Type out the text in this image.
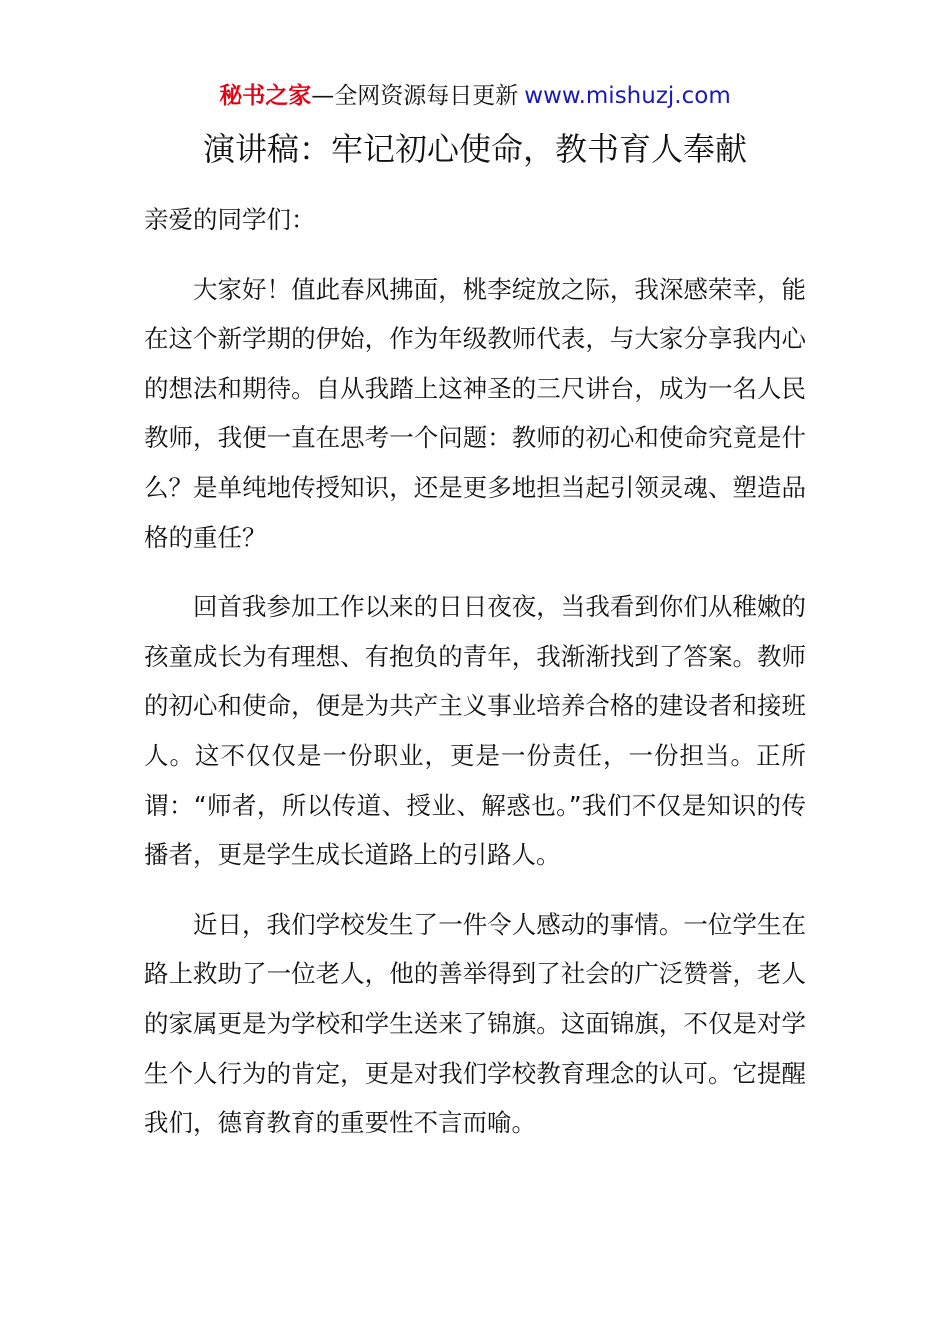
秘书之家—全网资源每日更新 www.mishuzj.com
演讲稿：牢记初心使命，教书育人奉献

亲爱的同学们：

大家好！值此春风拂面，桃李绽放之际，我深感荣幸，能在这个新学期的伊始，作为年级教师代表，与大家分享我内心的想法和期待。自从我踏上这神圣的三尺讲台，成为一名人民教师，我便一直在思考一个问题：教师的初心和使命究竟是什么？是单纯地传授知识，还是更多地担当起引领灵魂、塑造品格的重任？

回首我参加工作以来的日日夜夜，当我看到你们从稚嫩的孩童成长为有理想、有抱负的青年，我渐渐找到了答案。教师的初心和使命，便是为共产主义事业培养合格的建设者和接班人。这不仅仅是一份职业，更是一份责任，一份担当。正所谓：“师者，所以传道、授业、解惑也。”我们不仅是知识的传播者，更是学生成长道路上的引路人。

近日，我们学校发生了一件令人感动的事情。一位学生在路上救助了一位老人，他的善举得到了社会的广泛赞誉，老人的家属更是为学校和学生送来了锦旗。这面锦旗，不仅是对学生个人行为的肯定，更是对我们学校教育理念的认可。它提醒我们，德育教育的重要性不言而喻。
